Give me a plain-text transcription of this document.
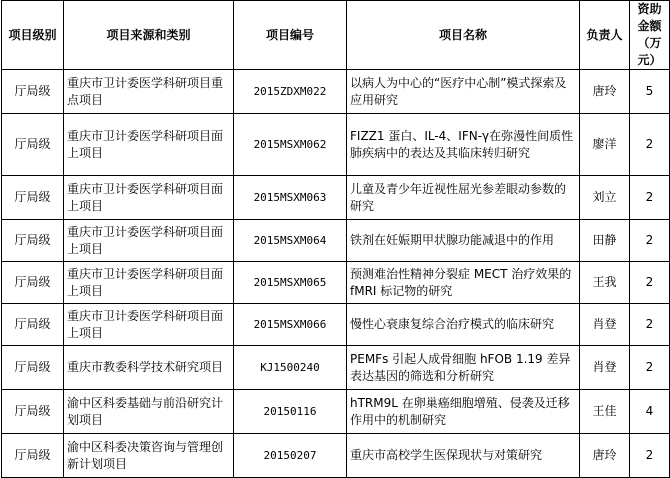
项目级别	项目来源和类别	项目编号	项目名称	负责人	资助金额（万元）
厅局级	重庆市卫计委医学科研项目重点项目	2015ZDXM022	以病人为中心的“医疗中心制”模式探索及应用研究	唐玲	5
厅局级	重庆市卫计委医学科研项目面上项目	2015MSXM062	FIZZ1 蛋白、IL-4、IFN-γ在弥漫性间质性肺疾病中的表达及其临床转归研究	廖洋	2
厅局级	重庆市卫计委医学科研项目面上项目	2015MSXM063	儿童及青少年近视性屈光参差眼动参数的研究	刘立	2
厅局级	重庆市卫计委医学科研项目面上项目	2015MSXM064	铁剂在妊娠期甲状腺功能减退中的作用	田静	2
厅局级	重庆市卫计委医学科研项目面上项目	2015MSXM065	预测难治性精神分裂症 MECT 治疗效果的 fMRI 标记物的研究	王我	2
厅局级	重庆市卫计委医学科研项目面上项目	2015MSXM066	慢性心衰康复综合治疗模式的临床研究	肖登	2
厅局级	重庆市教委科学技术研究项目	KJ1500240	PEMFs 引起人成骨细胞 hFOB 1.19 差异表达基因的筛选和分析研究	肖登	2
厅局级	渝中区科委基础与前沿研究计划项目	20150116	hTRM9L 在卵巢癌细胞增殖、侵袭及迁移作用中的机制研究	王佳	4
厅局级	渝中区科委决策咨询与管理创新计划项目	20150207	重庆市高校学生医保现状与对策研究	唐玲	2
